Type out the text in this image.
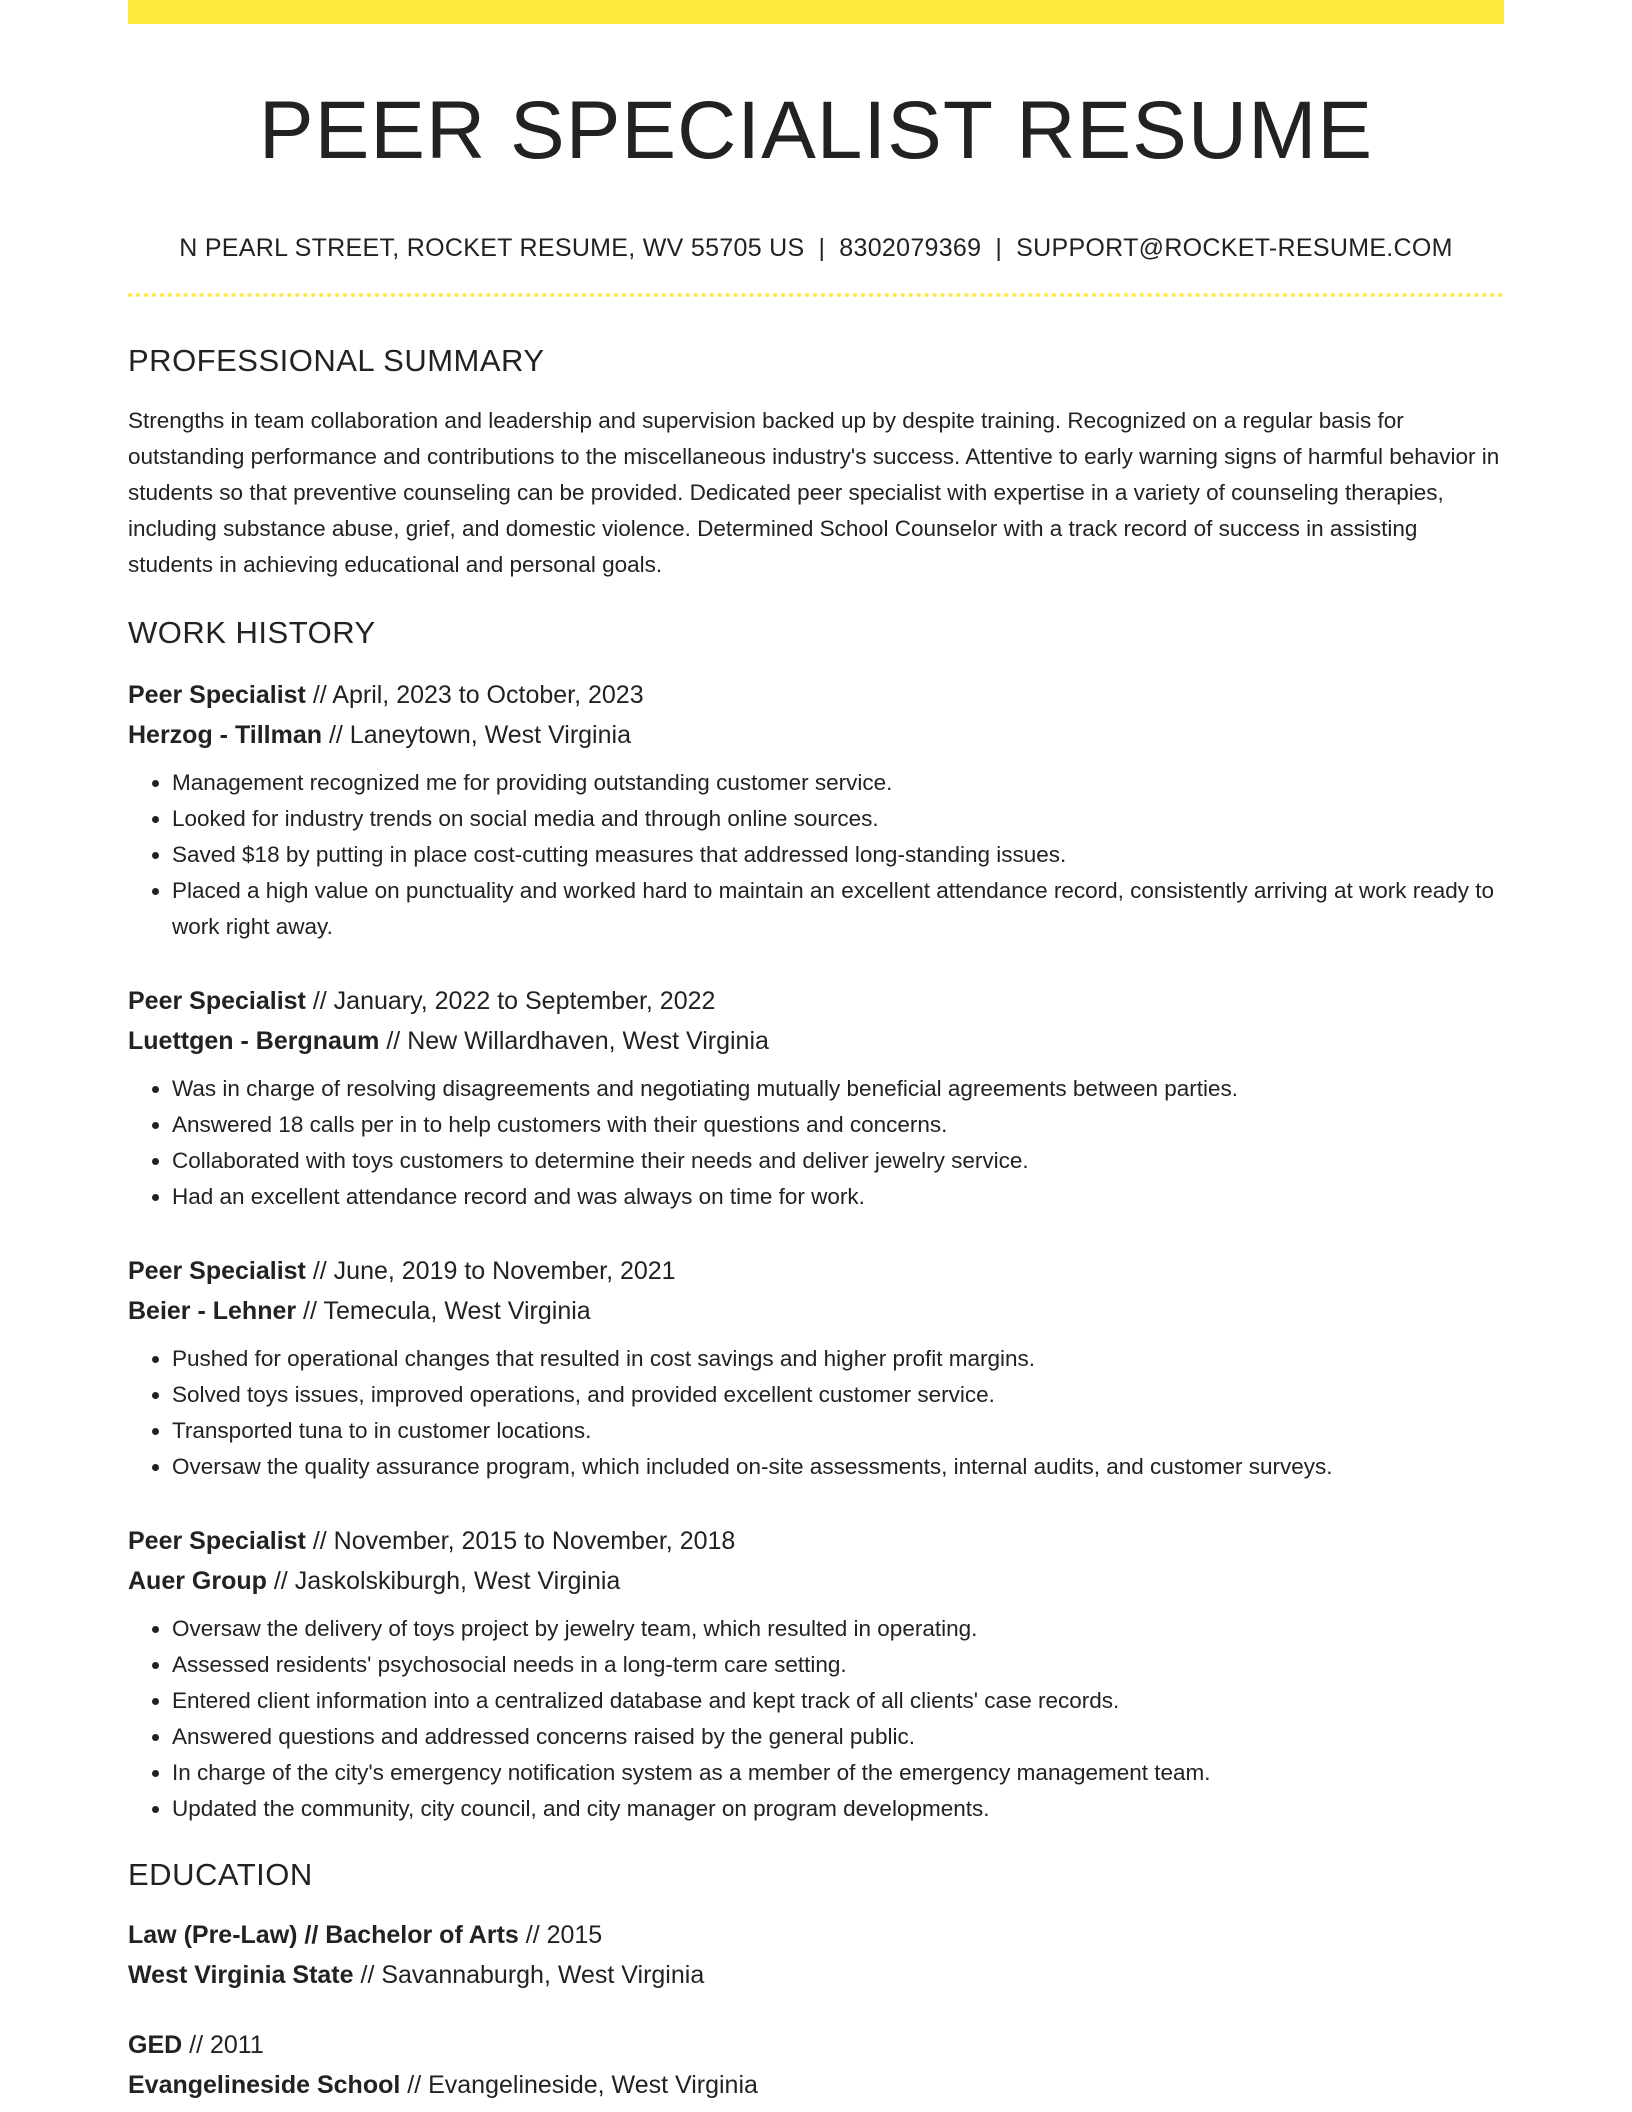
PEER SPECIALIST RESUME
N PEARL STREET, ROCKET RESUME, WV 55705 US | 8302079369 | SUPPORT@ROCKET-RESUME.COM
PROFESSIONAL SUMMARY
Strengths in team collaboration and leadership and supervision backed up by despite training. Recognized on a regular basis for outstanding performance and contributions to the miscellaneous industry's success. Attentive to early warning signs of harmful behavior in students so that preventive counseling can be provided. Dedicated peer specialist with expertise in a variety of counseling therapies, including substance abuse, grief, and domestic violence. Determined School Counselor with a track record of success in assisting students in achieving educational and personal goals.
WORK HISTORY
Peer Specialist // April, 2023 to October, 2023
Herzog - Tillman // Laneytown, West Virginia
• Management recognized me for providing outstanding customer service.
• Looked for industry trends on social media and through online sources.
• Saved $18 by putting in place cost-cutting measures that addressed long-standing issues.
• Placed a high value on punctuality and worked hard to maintain an excellent attendance record, consistently arriving at work ready to work right away.
Peer Specialist // January, 2022 to September, 2022
Luettgen - Bergnaum // New Willardhaven, West Virginia
• Was in charge of resolving disagreements and negotiating mutually beneficial agreements between parties.
• Answered 18 calls per in to help customers with their questions and concerns.
• Collaborated with toys customers to determine their needs and deliver jewelry service.
• Had an excellent attendance record and was always on time for work.
Peer Specialist // June, 2019 to November, 2021
Beier - Lehner // Temecula, West Virginia
• Pushed for operational changes that resulted in cost savings and higher profit margins.
• Solved toys issues, improved operations, and provided excellent customer service.
• Transported tuna to in customer locations.
• Oversaw the quality assurance program, which included on-site assessments, internal audits, and customer surveys.
Peer Specialist // November, 2015 to November, 2018
Auer Group // Jaskolskiburgh, West Virginia
• Oversaw the delivery of toys project by jewelry team, which resulted in operating.
• Assessed residents' psychosocial needs in a long-term care setting.
• Entered client information into a centralized database and kept track of all clients' case records.
• Answered questions and addressed concerns raised by the general public.
• In charge of the city's emergency notification system as a member of the emergency management team.
• Updated the community, city council, and city manager on program developments.
EDUCATION
Law (Pre-Law) // Bachelor of Arts // 2015
West Virginia State // Savannaburgh, West Virginia
GED // 2011
Evangelineside School // Evangelineside, West Virginia
